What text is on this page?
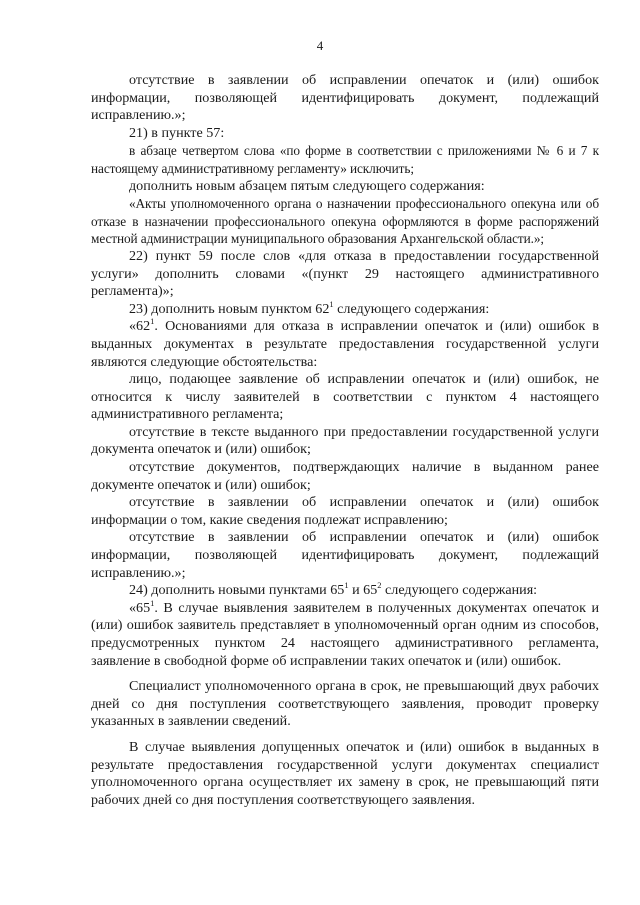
4

отсутствие в заявлении об исправлении опечаток и (или) ошибок информации, позволяющей идентифицировать документ, подлежащий исправлению.»;

21) в пункте 57:

в абзаце четвертом слова «по форме в соответствии с приложениями № 6 и 7 к настоящему административному регламенту» исключить;

дополнить новым абзацем пятым следующего содержания:

«Акты уполномоченного органа о назначении профессионального опекуна или об отказе в назначении профессионального опекуна оформляются в форме распоряжений местной администрации муниципального образования Архангельской области.»;

22) пункт 59 после слов «для отказа в предоставлении государственной услуги» дополнить словами «(пункт 29 настоящего административного регламента)»;

23) дополнить новым пунктом $62^1$ следующего содержания:

«$62^1$. Основаниями для отказа в исправлении опечаток и (или) ошибок в выданных документах в результате предоставления государственной услуги являются следующие обстоятельства:

лицо, подающее заявление об исправлении опечаток и (или) ошибок, не относится к числу заявителей в соответствии с пунктом 4 настоящего административного регламента;

отсутствие в тексте выданного при предоставлении государственной услуги документа опечаток и (или) ошибок;

отсутствие документов, подтверждающих наличие в выданном ранее документе опечаток и (или) ошибок;

отсутствие в заявлении об исправлении опечаток и (или) ошибок информации о том, какие сведения подлежат исправлению;

отсутствие в заявлении об исправлении опечаток и (или) ошибок информации, позволяющей идентифицировать документ, подлежащий исправлению.»;

24) дополнить новыми пунктами $65^1$ и $65^2$ следующего содержания:

«$65^1$. В случае выявления заявителем в полученных документах опечаток и (или) ошибок заявитель представляет в уполномоченный орган одним из способов, предусмотренных пунктом 24 настоящего административного регламента, заявление в свободной форме об исправлении таких опечаток и (или) ошибок.

Специалист уполномоченного органа в срок, не превышающий двух рабочих дней со дня поступления соответствующего заявления, проводит проверку указанных в заявлении сведений.

В случае выявления допущенных опечаток и (или) ошибок в выданных в результате предоставления государственной услуги документах специалист уполномоченного органа осуществляет их замену в срок, не превышающий пяти рабочих дней со дня поступления соответствующего заявления.
